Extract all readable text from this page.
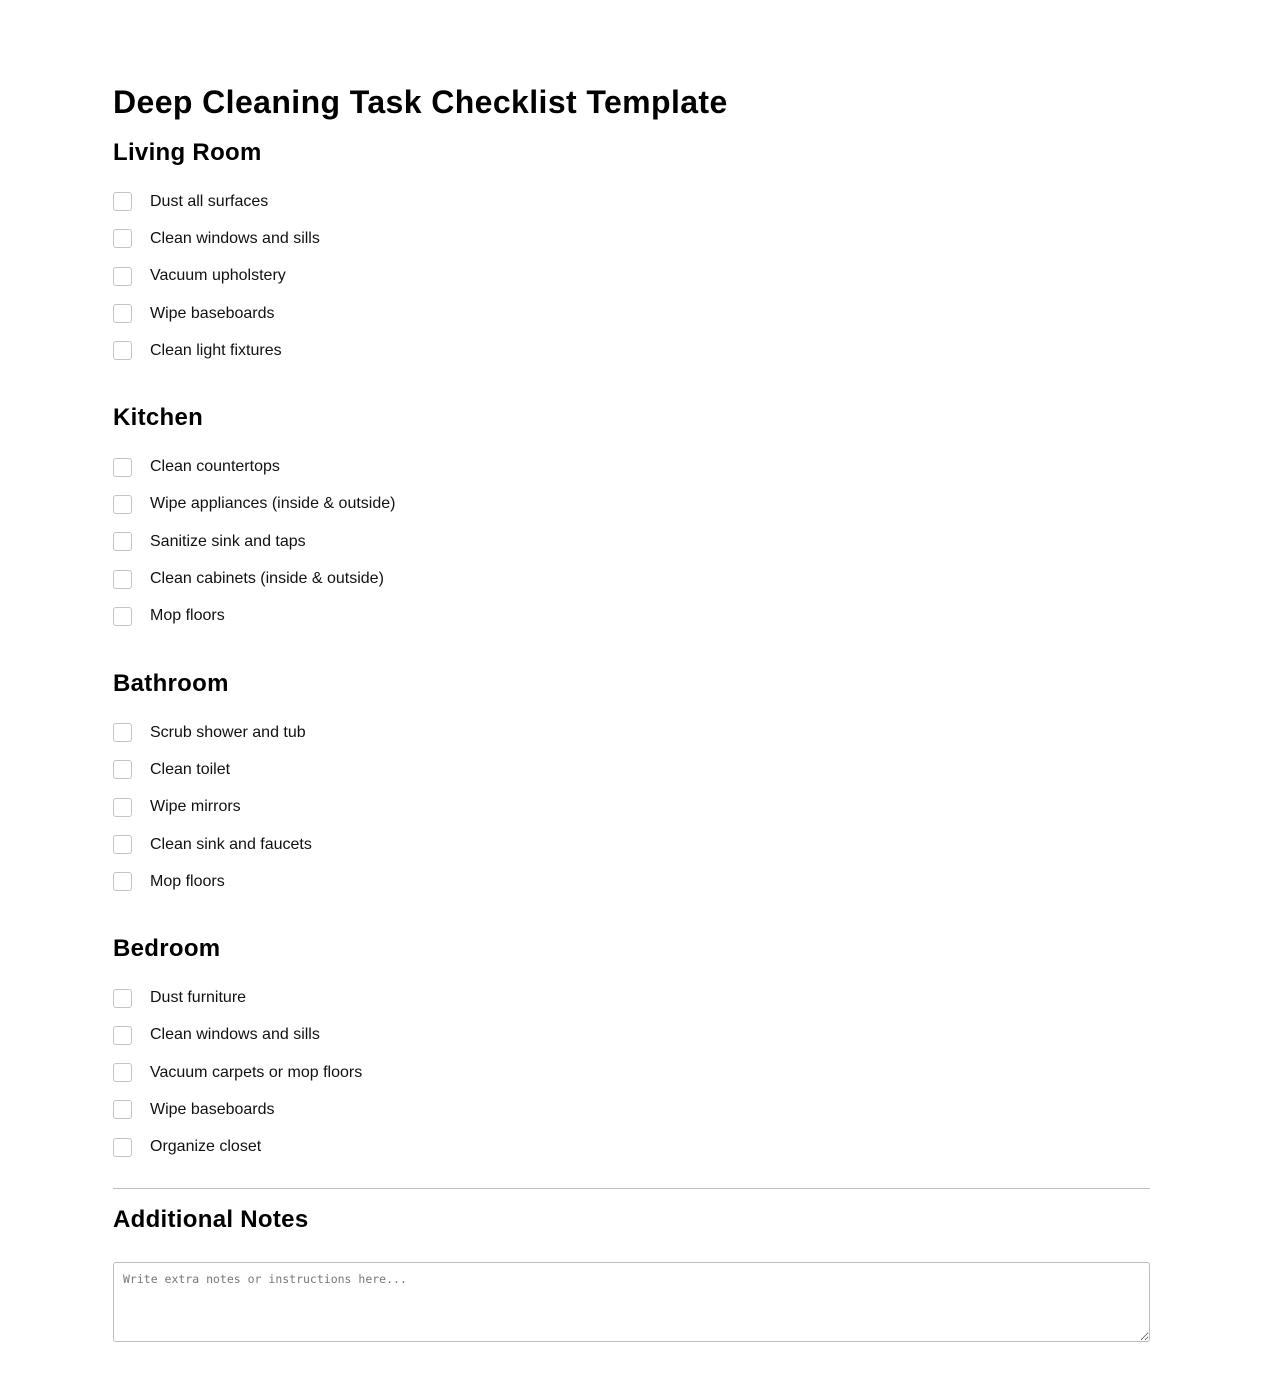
Deep Cleaning Task Checklist Template
Living Room
Dust all surfaces
Clean windows and sills
Vacuum upholstery
Wipe baseboards
Clean light fixtures
Kitchen
Clean countertops
Wipe appliances (inside & outside)
Sanitize sink and taps
Clean cabinets (inside & outside)
Mop floors
Bathroom
Scrub shower and tub
Clean toilet
Wipe mirrors
Clean sink and faucets
Mop floors
Bedroom
Dust furniture
Clean windows and sills
Vacuum carpets or mop floors
Wipe baseboards
Organize closet
Additional Notes
Write extra notes or instructions here...
